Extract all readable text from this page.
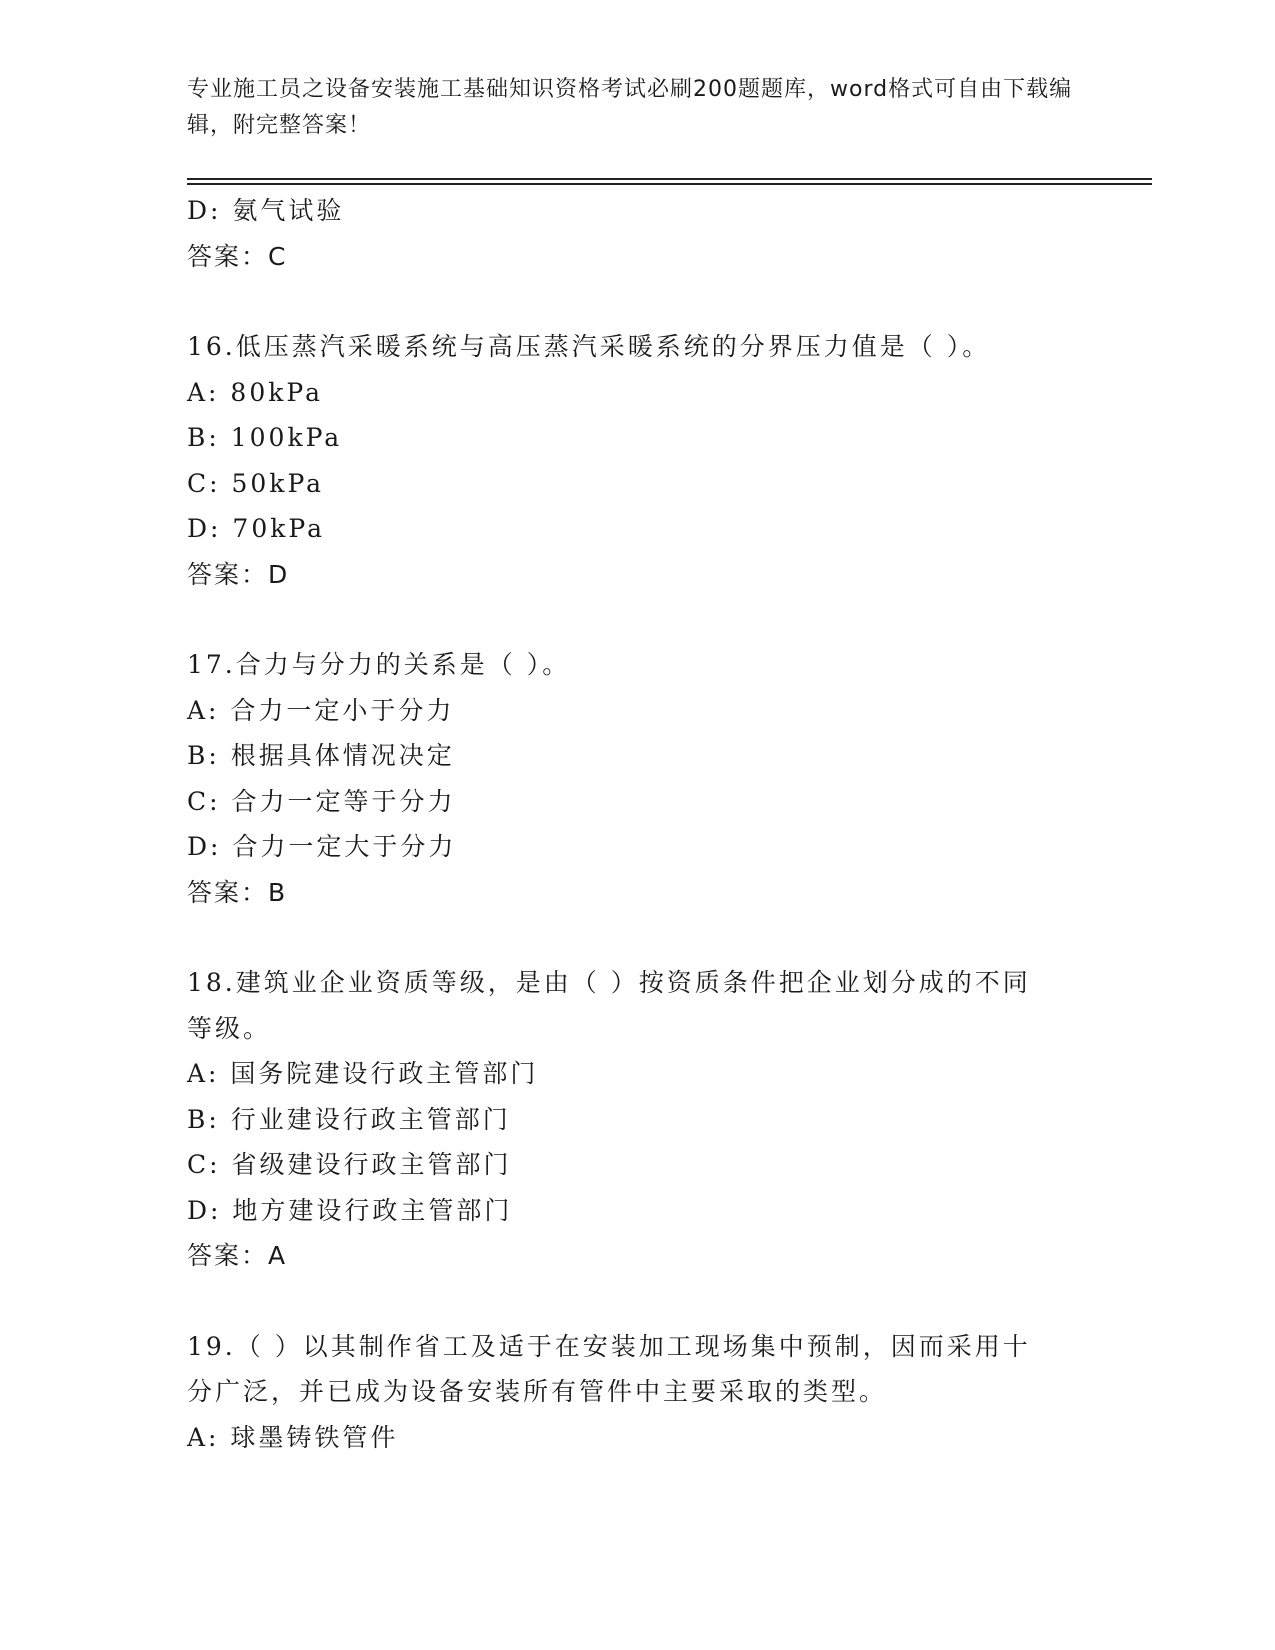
专业施工员之设备安装施工基础知识资格考试必刷200题题库，word格式可自由下载编辑，附完整答案！
D: 氨气试验
答案：C
16.低压蒸汽采暖系统与高压蒸汽采暖系统的分界压力值是（ ）。
A: 80kPa
B: 100kPa
C: 50kPa
D: 70kPa
答案：D
17.合力与分力的关系是（ ）。
A: 合力一定小于分力
B: 根据具体情况决定
C: 合力一定等于分力
D: 合力一定大于分力
答案：B
18.建筑业企业资质等级，是由（ ）按资质条件把企业划分成的不同
等级。
A: 国务院建设行政主管部门
B: 行业建设行政主管部门
C: 省级建设行政主管部门
D: 地方建设行政主管部门
答案：A
19.（ ）以其制作省工及适于在安装加工现场集中预制，因而采用十
分广泛，并已成为设备安装所有管件中主要采取的类型。
A: 球墨铸铁管件
